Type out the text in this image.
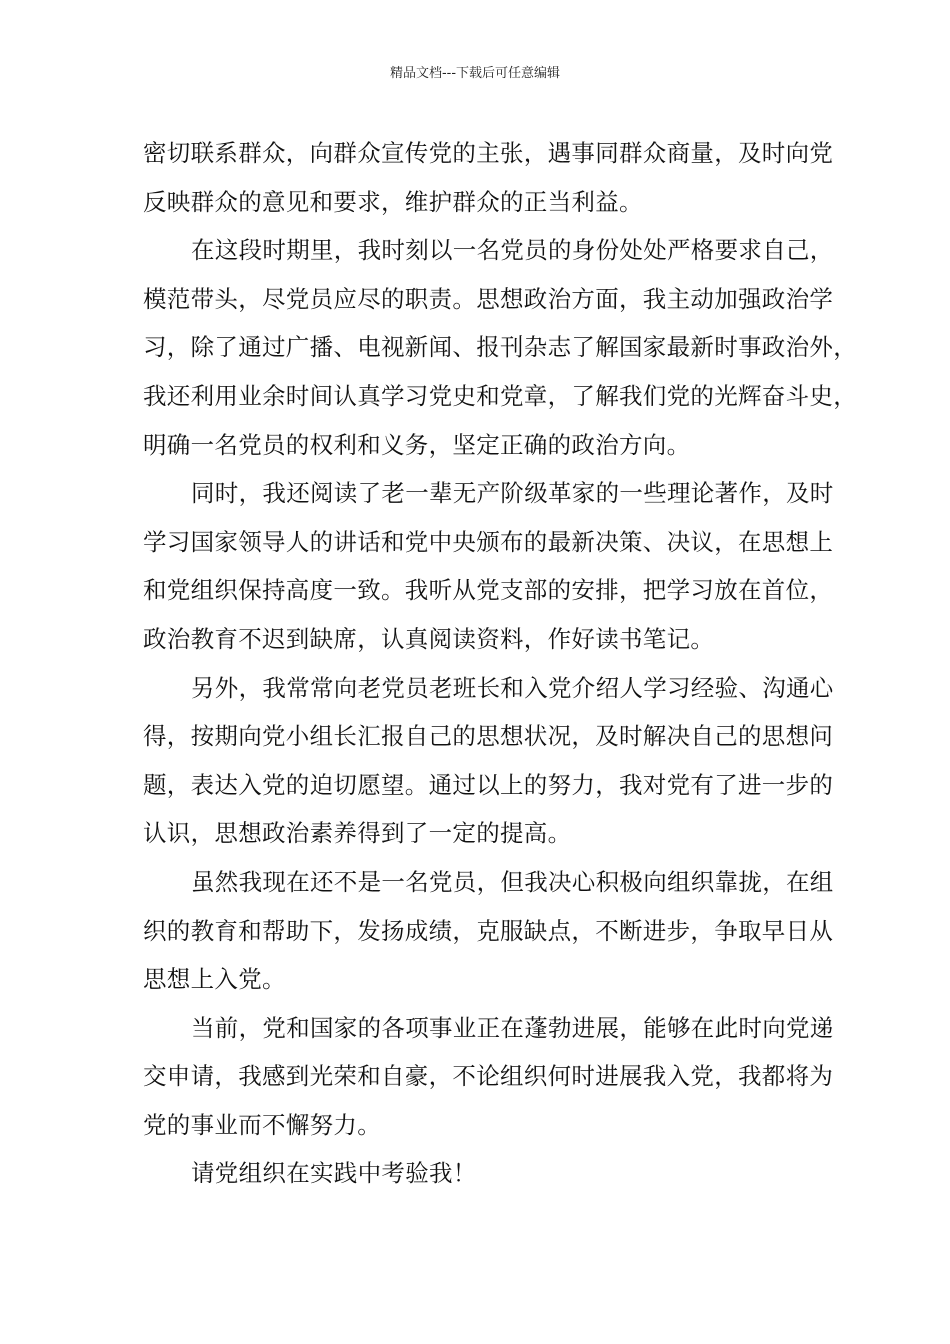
精品文档---下载后可任意编辑

密切联系群众，向群众宣传党的主张，遇事同群众商量，及时向党
反映群众的意见和要求，维护群众的正当利益。

在这段时期里，我时刻以一名党员的身份处处严格要求自己，
模范带头，尽党员应尽的职责。思想政治方面，我主动加强政治学
习，除了通过广播、电视新闻、报刊杂志了解国家最新时事政治外，
我还利用业余时间认真学习党史和党章，了解我们党的光辉奋斗史，
明确一名党员的权利和义务，坚定正确的政治方向。

同时，我还阅读了老一辈无产阶级革家的一些理论著作，及时
学习国家领导人的讲话和党中央颁布的最新决策、决议，在思想上
和党组织保持高度一致。我听从党支部的安排，把学习放在首位，
政治教育不迟到缺席，认真阅读资料，作好读书笔记。

另外，我常常向老党员老班长和入党介绍人学习经验、沟通心
得，按期向党小组长汇报自己的思想状况，及时解决自己的思想问
题，表达入党的迫切愿望。通过以上的努力，我对党有了进一步的
认识，思想政治素养得到了一定的提高。

虽然我现在还不是一名党员，但我决心积极向组织靠拢，在组
织的教育和帮助下，发扬成绩，克服缺点，不断进步，争取早日从
思想上入党。

当前，党和国家的各项事业正在蓬勃进展，能够在此时向党递
交申请，我感到光荣和自豪，不论组织何时进展我入党，我都将为
党的事业而不懈努力。

请党组织在实践中考验我！
